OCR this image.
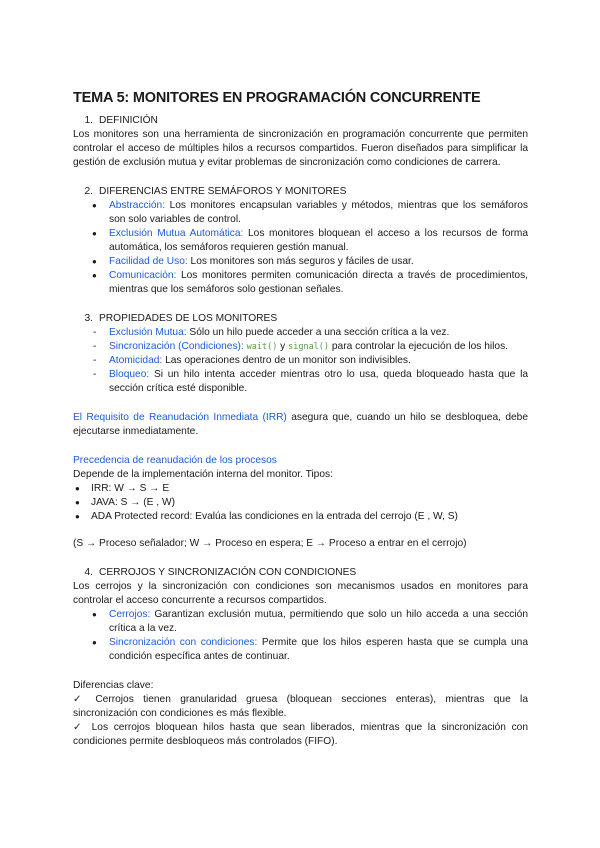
TEMA 5: MONITORES EN PROGRAMACIÓN CONCURRENTE
1. DEFINICIÓN

Los monitores son una herramienta de sincronización en programación concurrente que permiten controlar el acceso de múltiples hilos a recursos compartidos. Fueron diseñados para simplificar la gestión de exclusión mutua y evitar problemas de sincronización como condiciones de carrera.

2. DIFERENCIAS ENTRE SEMÁFOROS Y MONITORES
● Abstracción: Los monitores encapsulan variables y métodos, mientras que los semáforos son solo variables de control.
● Exclusión Mutua Automática: Los monitores bloquean el acceso a los recursos de forma automática, los semáforos requieren gestión manual.
● Facilidad de Uso: Los monitores son más seguros y fáciles de usar.
● Comunicación: Los monitores permiten comunicación directa a través de procedimientos, mientras que los semáforos solo gestionan señales.
3. PROPIEDADES DE LOS MONITORES
- Exclusión Mutua: Sólo un hilo puede acceder a una sección crítica a la vez.
- Sincronización (Condiciones): wait() y signal() para controlar la ejecución de los hilos.
- Atomicidad: Las operaciones dentro de un monitor son indivisibles.
- Bloqueo: Si un hilo intenta acceder mientras otro lo usa, queda bloqueado hasta que la sección crítica esté disponible.

El Requisito de Reanudación Inmediata (IRR) asegura que, cuando un hilo se desbloquea, debe ejecutarse inmediatamente.

Precedencia de reanudación de los procesos

Depende de la implementación interna del monitor. Tipos:

● IRR: W → S → E
● JAVA: S → (E , W)
● ADA Protected record: Evalúa las condiciones en la entrada del cerrojo (E , W, S)

(S → Proceso señalador; W → Proceso en espera; E → Proceso a entrar en el cerrojo)

4. CERROJOS Y SINCRONIZACIÓN CON CONDICIONES

Los cerrojos y la sincronización con condiciones son mecanismos usados en monitores para controlar el acceso concurrente a recursos compartidos.

● Cerrojos: Garantizan exclusión mutua, permitiendo que solo un hilo acceda a una sección crítica a la vez.
● Sincronización con condiciones: Permite que los hilos esperen hasta que se cumpla una condición específica antes de continuar.

Diferencias clave:

✓ Cerrojos tienen granularidad gruesa (bloquean secciones enteras), mientras que la sincronización con condiciones es más flexible.

✓ Los cerrojos bloquean hilos hasta que sean liberados, mientras que la sincronización con condiciones permite desbloqueos más controlados (FIFO).
